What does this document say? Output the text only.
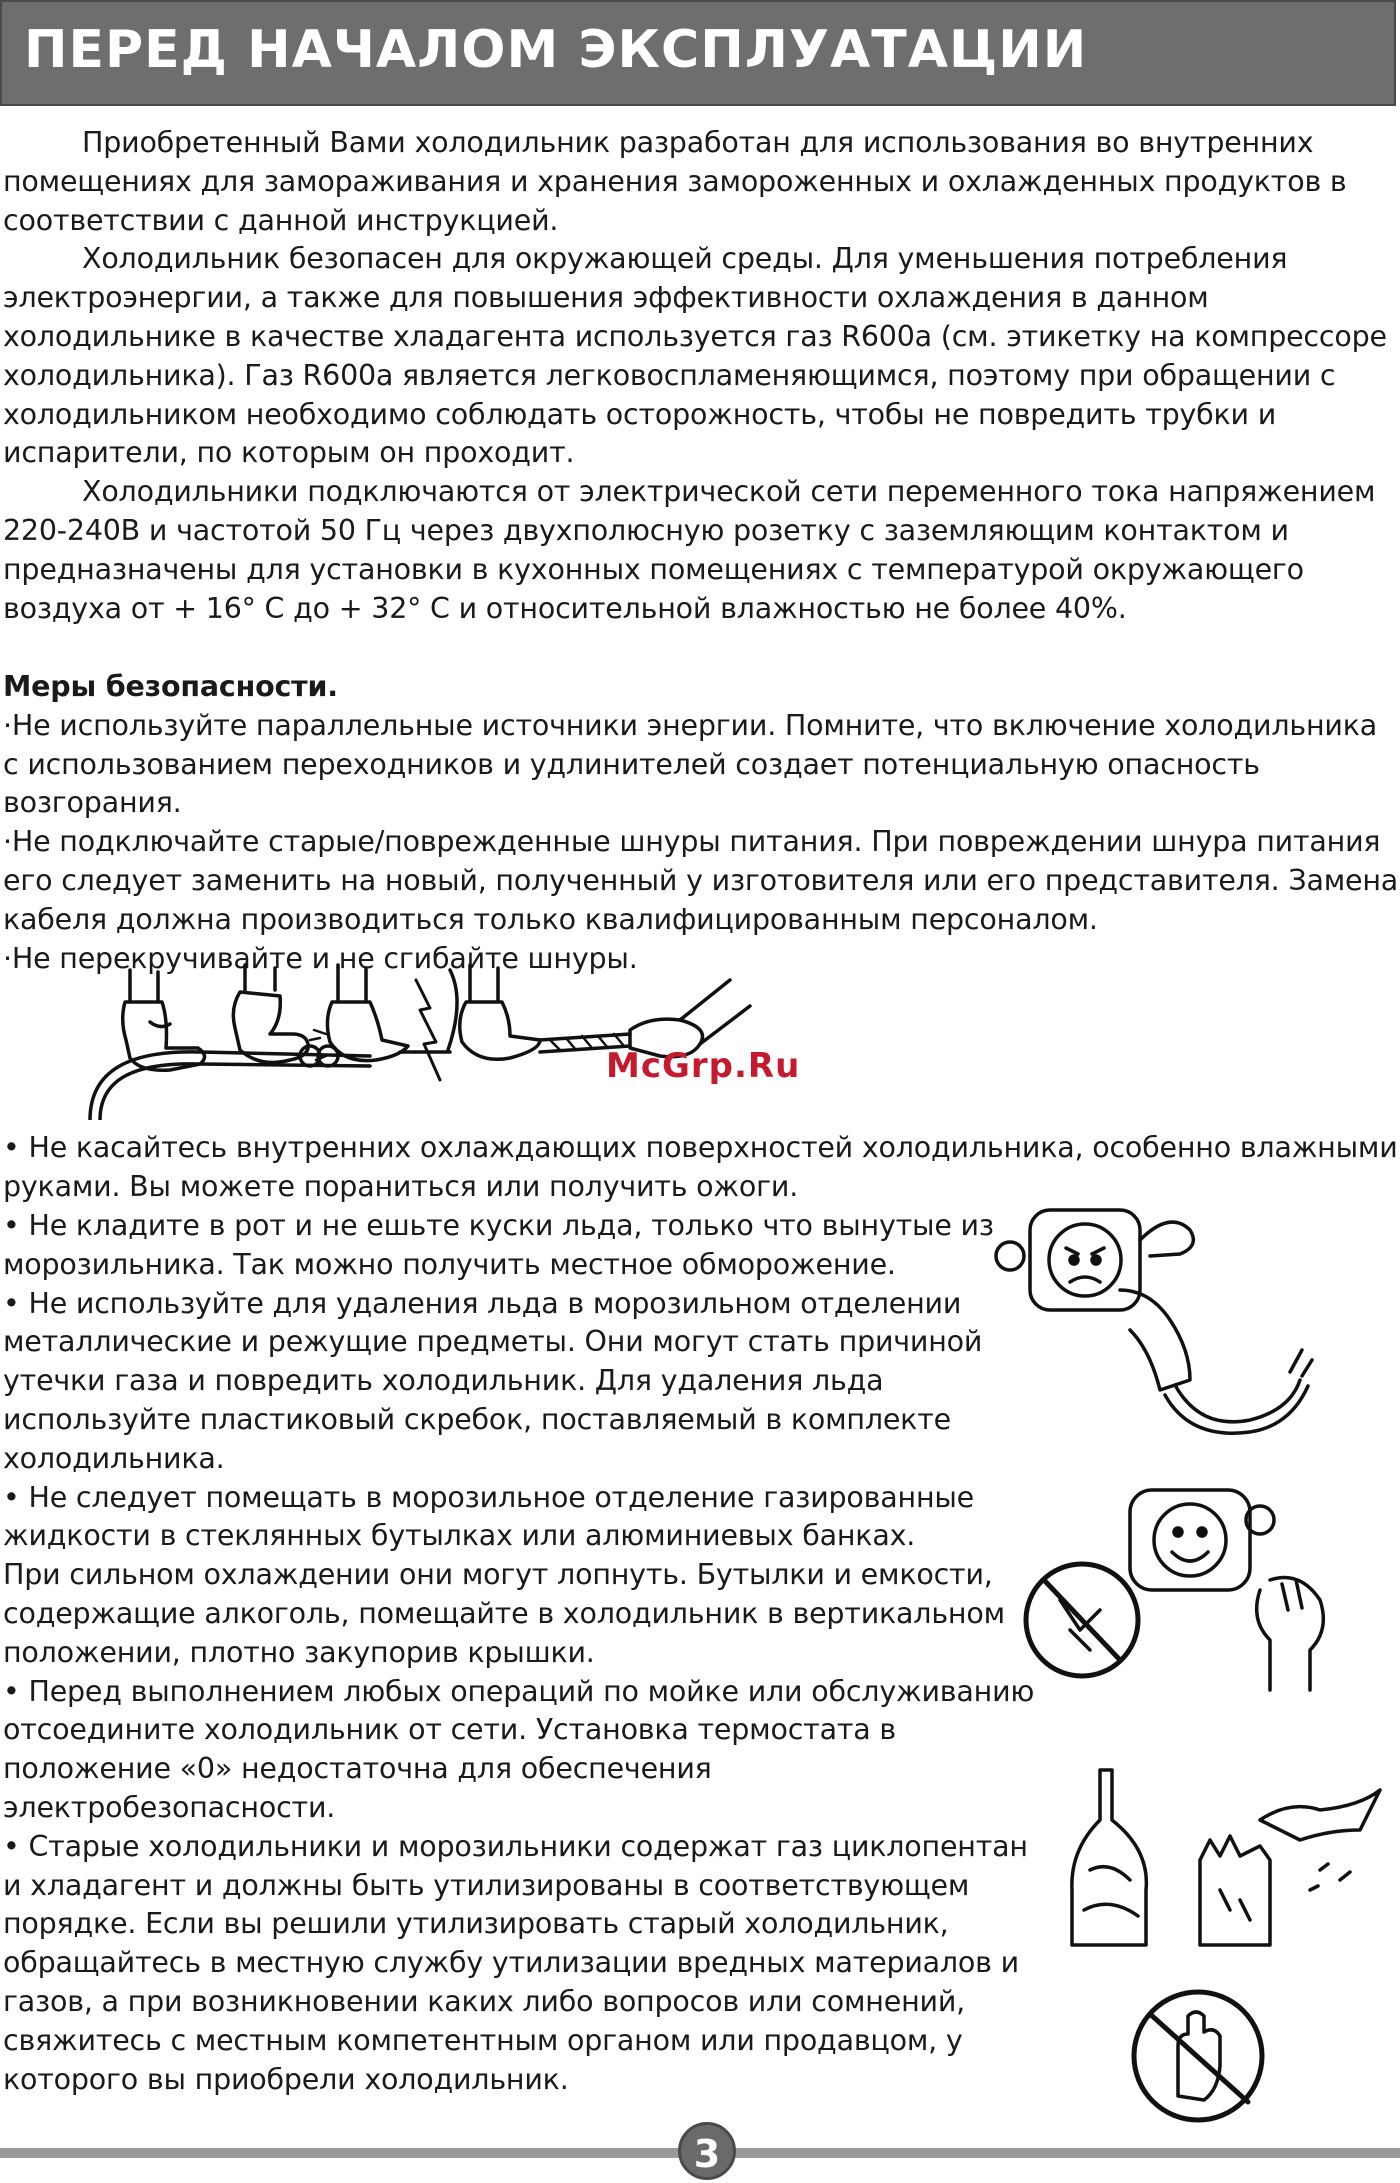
ПЕРЕД НАЧАЛОМ ЭКСПЛУАТАЦИИ

Приобретенный Вами холодильник разработан для использования во внутренних помещениях для замораживания и хранения замороженных и охлажденных продуктов в соответствии с данной инструкцией.

Холодильник безопасен для окружающей среды. Для уменьшения потребления электроэнергии, а также для повышения эффективности охлаждения в данном холодильнике в качестве хладагента используется газ R600a (см. этикетку на компрессоре холодильника). Газ R600a является легковоспламеняющимся, поэтому при обращении с холодильником необходимо соблюдать осторожность, чтобы не повредить трубки и испарители, по которым он проходит.

Холодильники подключаются от электрической сети переменного тока напряжением 220-240В и частотой 50 Гц через двухполюсную розетку с заземляющим контактом и предназначены для установки в кухонных помещениях с температурой окружающего воздуха от + 16° С до + 32° С и относительной влажностью не более 40%.

Меры безопасности.

·Не используйте параллельные источники энергии. Помните, что включение холодильника с использованием переходников и удлинителей создает потенциальную опасность возгорания.

·Не подключайте старые/поврежденные шнуры питания. При повреждении шнура питания его следует заменить на новый, полученный у изготовителя или его представителя. Замена кабеля должна производиться только квалифицированным персоналом.

·Не перекручивайте и не сгибайте шнуры.

McGrp.Ru

• Не касайтесь внутренних охлаждающих поверхностей холодильника, особенно влажными руками. Вы можете пораниться или получить ожоги.

• Не кладите в рот и не ешьте куски льда, только что вынутые из морозильника. Так можно получить местное обморожение.

• Не используйте для удаления льда в морозильном отделении металлические и режущие предметы. Они могут стать причиной утечки газа и повредить холодильник. Для удаления льда используйте пластиковый скребок, поставляемый в комплекте холодильника.

• Не следует помещать в морозильное отделение газированные жидкости в стеклянных бутылках или алюминиевых банках.

При сильном охлаждении они могут лопнуть. Бутылки и емкости, содержащие алкоголь, помещайте в холодильник в вертикальном положении, плотно закупорив крышки.

• Перед выполнением любых операций по мойке или обслуживанию отсоедините холодильник от сети. Установка термостата в положение «0» недостаточна для обеспечения электробезопасности.

• Старые холодильники и морозильники содержат газ циклопентан и хладагент и должны быть утилизированы в соответствующем порядке. Если вы решили утилизировать старый холодильник, обращайтесь в местную службу утилизации вредных материалов и газов, а при возникновении каких либо вопросов или сомнений, свяжитесь с местным компетентным органом или продавцом, у которого вы приобрели холодильник.

3
